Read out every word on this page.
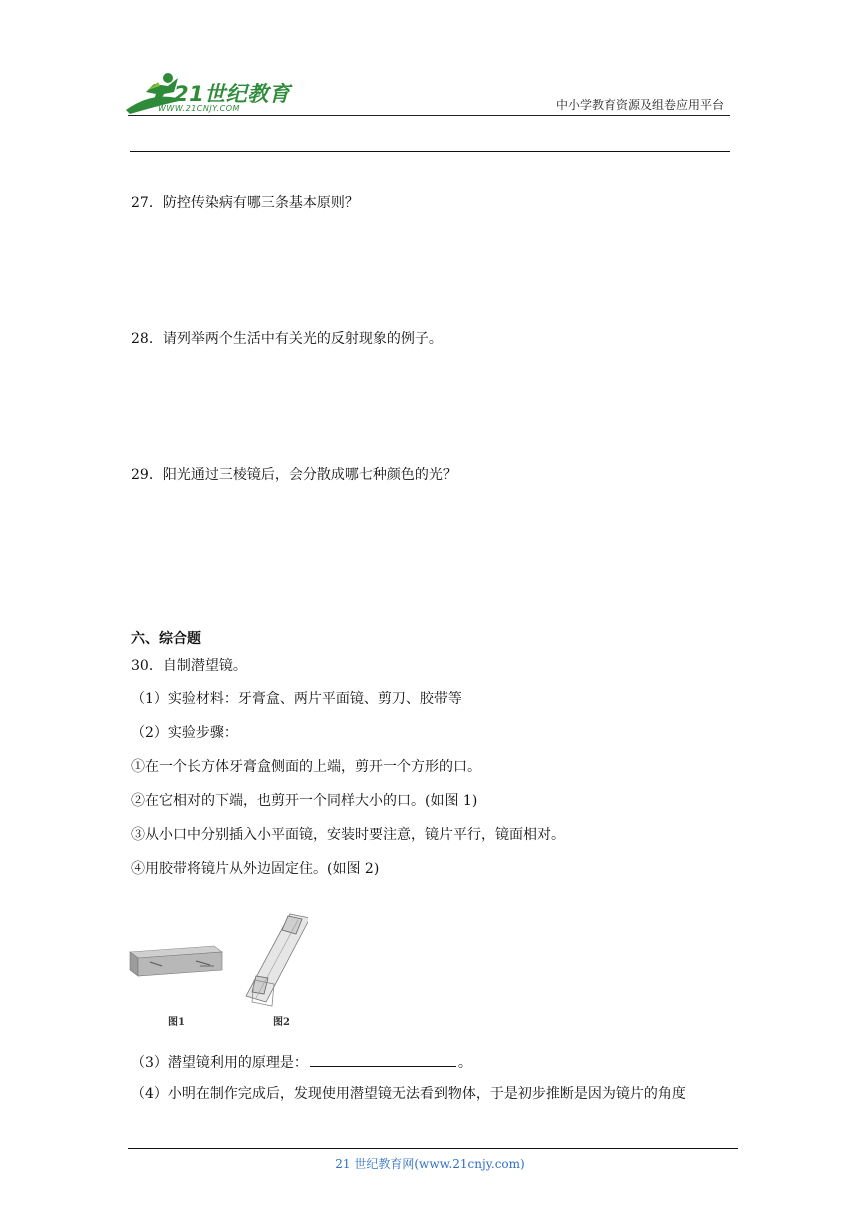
21世纪教育
WWW.21CNJY.COM	中小学教育资源及组卷应用平台
27．防控传染病有哪三条基本原则？
28．请列举两个生活中有关光的反射现象的例子。
29．阳光通过三棱镜后，会分散成哪七种颜色的光？
六、综合题
30．自制潜望镜。
（1）实验材料：牙膏盒、两片平面镜、剪刀、胶带等
（2）实验步骤：
①在一个长方体牙膏盒侧面的上端，剪开一个方形的口。
②在它相对的下端，也剪开一个同样大小的口。(如图 1)
③从小口中分别插入小平面镜，安装时要注意，镜片平行，镜面相对。
④用胶带将镜片从外边固定住。(如图 2)
图1	图2
（3）潜望镜利用的原理是：	。
（4）小明在制作完成后，发现使用潜望镜无法看到物体，于是初步推断是因为镜片的角度
21 世纪教育网(www.21cnjy.com)
